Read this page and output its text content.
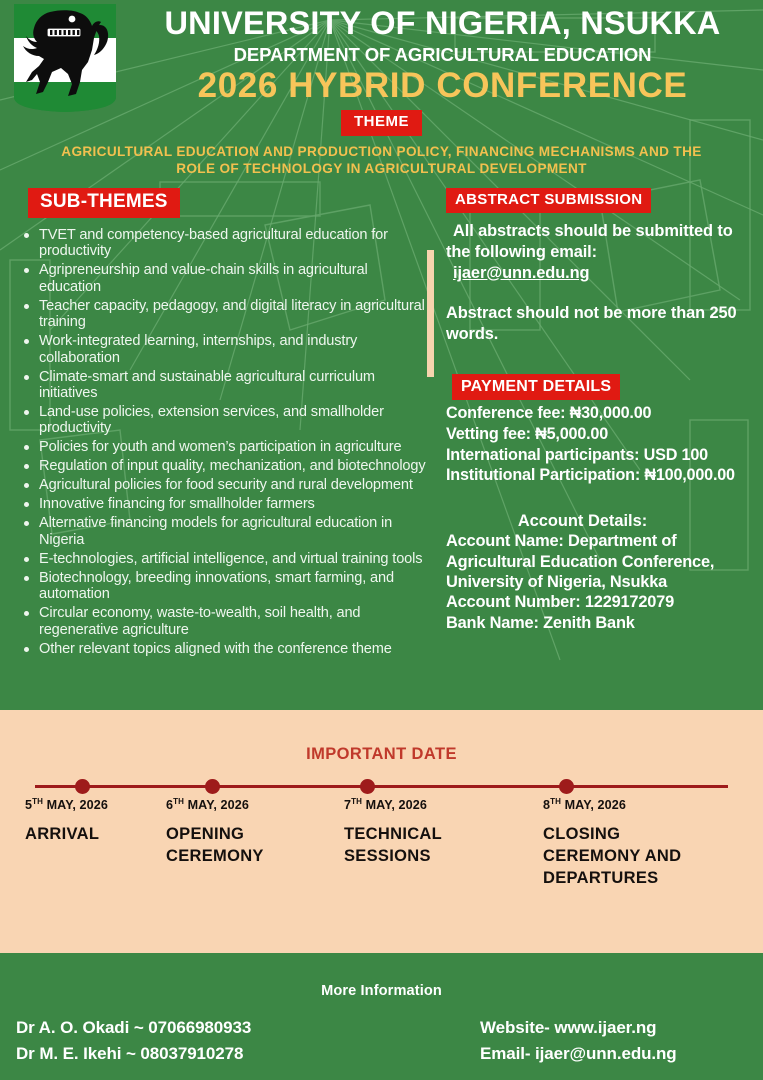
UNIVERSITY OF NIGERIA, NSUKKA
DEPARTMENT OF AGRICULTURAL EDUCATION
2026 HYBRID CONFERENCE
THEME
AGRICULTURAL EDUCATION AND PRODUCTION POLICY, FINANCING MECHANISMS AND THE ROLE OF TECHNOLOGY IN AGRICULTURAL DEVELOPMENT
SUB-THEMES
TVET and competency-based agricultural education for productivity
Agripreneurship and value-chain skills in agricultural education
Teacher capacity, pedagogy, and digital literacy in agricultural training
Work-integrated learning, internships, and industry collaboration
Climate-smart and sustainable agricultural curriculum initiatives
Land-use policies, extension services, and smallholder productivity
Policies for youth and women’s participation in agriculture
Regulation of input quality, mechanization, and biotechnology
Agricultural policies for food security and rural development
Innovative financing for smallholder farmers
Alternative financing models for agricultural education in Nigeria
E-technologies, artificial intelligence, and virtual training tools
Biotechnology, breeding innovations, smart farming, and automation
Circular economy, waste-to-wealth, soil health, and regenerative agriculture
Other relevant topics aligned with the conference theme
ABSTRACT SUBMISSION
All abstracts should be submitted to the following email:
ijaer@unn.edu.ng
Abstract should not be more than 250 words.
PAYMENT DETAILS
Conference fee: ₦30,000.00
Vetting fee: ₦5,000.00
International participants: USD 100
Institutional Participation: ₦100,000.00
Account Details:
Account Name: Department of
Agricultural Education Conference,
University of Nigeria, Nsukka
Account Number: 1229172079
Bank Name: Zenith Bank
IMPORTANT DATE
5TH MAY, 2026
ARRIVAL
6TH MAY, 2026
OPENING
CEREMONY
7TH MAY, 2026
TECHNICAL
SESSIONS
8TH MAY, 2026
CLOSING
CEREMONY AND
DEPARTURES
More Information
Dr A. O. Okadi ~ 07066980933
Dr M. E. Ikehi ~ 08037910278
Website- www.ijaer.ng
Email- ijaer@unn.edu.ng
